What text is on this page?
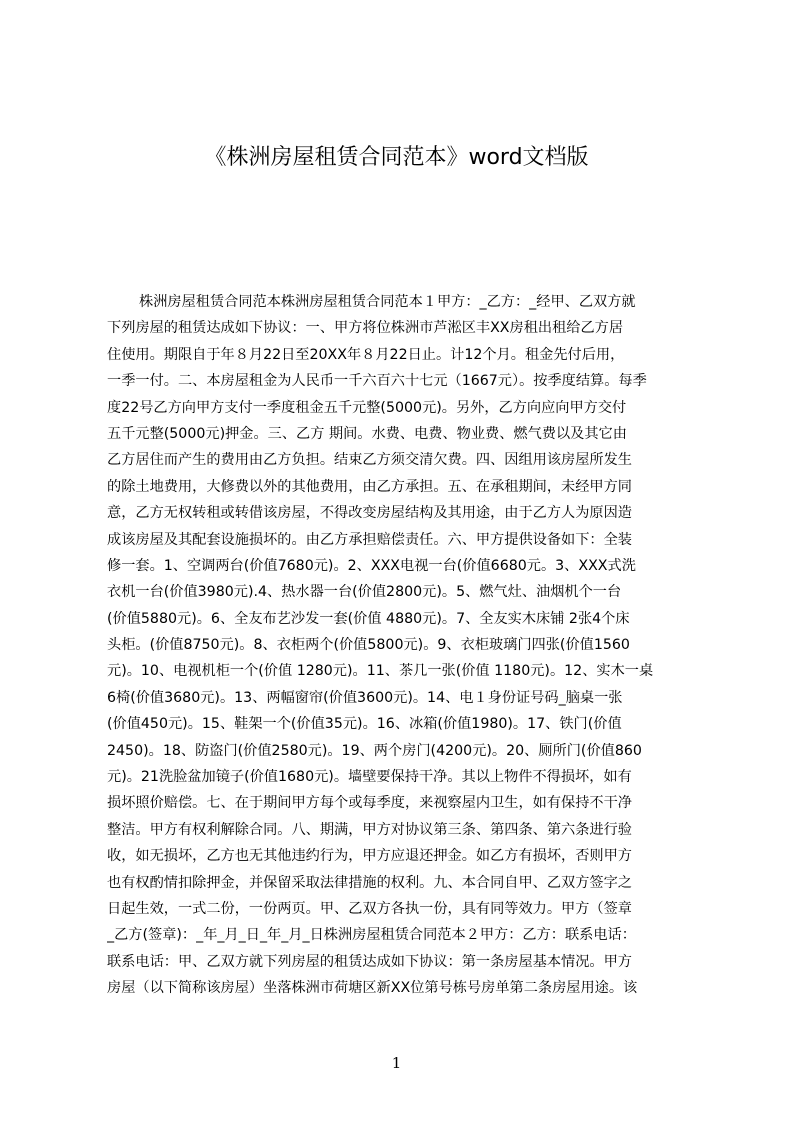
《株洲房屋租赁合同范本》word文档版
株洲房屋租赁合同范本株洲房屋租赁合同范本１甲方：_乙方：_经甲、乙双方就
下列房屋的租赁达成如下协议：一、甲方将位株洲市芦淞区丰XX房租出租给乙方居
住使用。期限自于年８月22日至20XX年８月22日止。计12个月。租金先付后用，
一季一付。二、本房屋租金为人民币一千六百六十七元（1667元）。按季度结算。每季
度22号乙方向甲方支付一季度租金五千元整(5000元)。另外，乙方向应向甲方交付
五千元整(5000元)押金。三、乙方 期间。水费、电费、物业费、燃气费以及其它由
乙方居住而产生的费用由乙方负担。结束乙方须交清欠费。四、因组用该房屋所发生
的除土地费用，大修费以外的其他费用，由乙方承担。五、在承租期间，未经甲方同
意，乙方无权转租或转借该房屋，不得改变房屋结构及其用途，由于乙方人为原因造
成该房屋及其配套设施损坏的。由乙方承担赔偿责任。六、甲方提供设备如下：全装
修一套。1、空调两台(价值7680元)。2、XXX电视一台(价值6680元。3、XXX式洗
衣机一台(价值3980元).4、热水器一台(价值2800元)。5、燃气灶、油烟机个一台
(价值5880元)。6、全友布艺沙发一套(价值 4880元)。7、全友实木床铺 2张4个床
头柜。(价值8750元)。8、衣柜两个(价值5800元)。9、衣柜玻璃门四张(价值1560
元)。10、电视机柜一个(价值 1280元)。11、茶几一张(价值 1180元)。12、实木一桌
6椅(价值3680元)。13、两幅窗帘(价值3600元)。14、电１身份证号码_脑桌一张
(价值450元)。15、鞋架一个(价值35元)。16、冰箱(价值1980)。17、铁门(价值
2450)。18、防盗门(价值2580元)。19、两个房门(4200元)。20、厕所门(价值860
元)。21洗脸盆加镜子(价值1680元)。墙壁要保持干净。其以上物件不得损坏，如有
损坏照价赔偿。七、在于期间甲方每个或每季度，来视察屋内卫生，如有保持不干净
整洁。甲方有权利解除合同。八、期满，甲方对协议第三条、第四条、第六条进行验
收，如无损坏，乙方也无其他违约行为，甲方应退还押金。如乙方有损坏，否则甲方
也有权酌情扣除押金，并保留采取法律措施的权利。九、本合同自甲、乙双方签字之
日起生效，一式二份，一份两页。甲、乙双方各执一份，具有同等效力。甲方（签章
_乙方(签章)：_年_月_日_年_月_日株洲房屋租赁合同范本２甲方：乙方：联系电话：
联系电话：甲、乙双方就下列房屋的租赁达成如下协议：第一条房屋基本情况。甲方
房屋（以下简称该房屋）坐落株洲市荷塘区新XX位第号栋号房单第二条房屋用途。该
1
